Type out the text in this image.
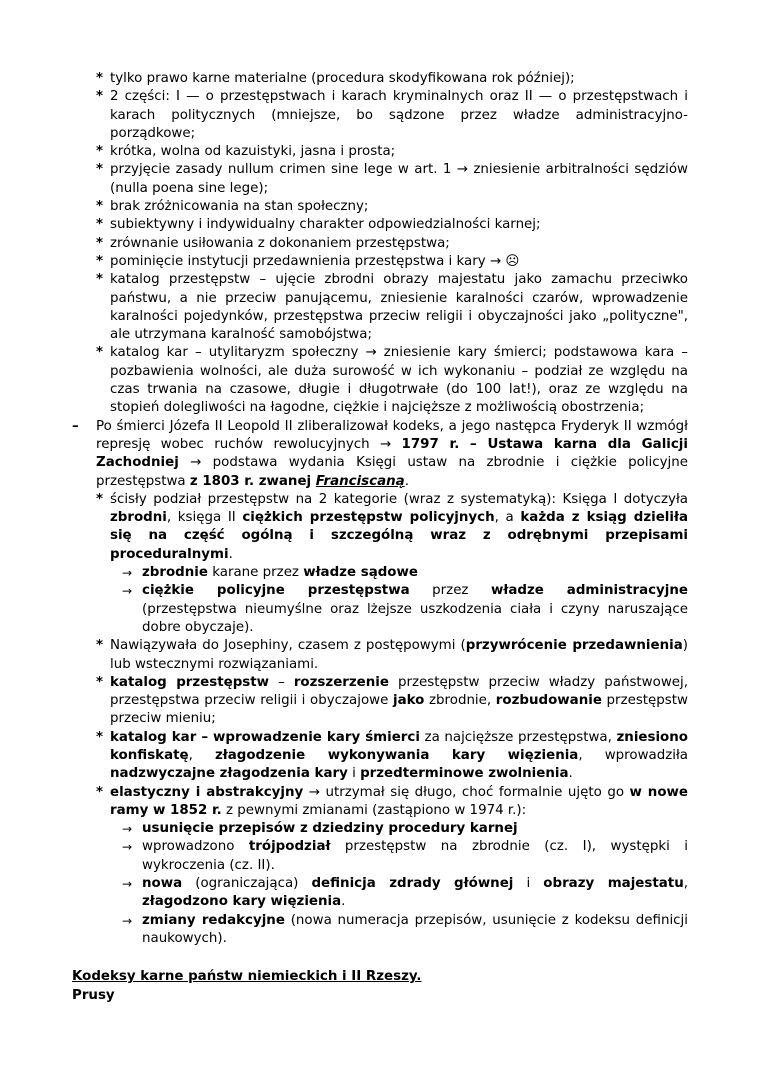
* tylko prawo karne materialne (procedura skodyfikowana rok później);
* 2 części: I — o przestępstwach i karach kryminalnych oraz II — o przestępstwach i karach politycznych (mniejsze, bo sądzone przez władze administracyjno-porządkowe;
* krótka, wolna od kazuistyki, jasna i prosta;
* przyjęcie zasady nullum crimen sine lege w art. 1 → zniesienie arbitralności sędziów (nulla poena sine lege);
* brak zróżnicowania na stan społeczny;
* subiektywny i indywidualny charakter odpowiedzialności karnej;
* zrównanie usiłowania z dokonaniem przestępstwa;
* pominięcie instytucji przedawnienia przestępstwa i kary → ☹
* katalog przestępstw – ujęcie zbrodni obrazy majestatu jako zamachu przeciwko państwu, a nie przeciw panującemu, zniesienie karalności czarów, wprowadzenie karalności pojedynków, przestępstwa przeciw religii i obyczajności jako „polityczne", ale utrzymana karalność samobójstwa;
* katalog kar – utylitaryzm społeczny → zniesienie kary śmierci; podstawowa kara – pozbawienia wolności, ale duża surowość w ich wykonaniu – podział ze względu na czas trwania na czasowe, długie i długotrwałe (do 100 lat!), oraz ze względu na stopień dolegliwości na łagodne, ciężkie i najcięższe z możliwością obostrzenia;
– Po śmierci Józefa II Leopold II zliberalizował kodeks, a jego następca Fryderyk II wzmógł represję wobec ruchów rewolucyjnych → 1797 r. – Ustawa karna dla Galicji Zachodniej → podstawa wydania Księgi ustaw na zbrodnie i ciężkie policyjne przestępstwa z 1803 r. zwanej Franciscaną.
* ścisły podział przestępstw na 2 kategorie (wraz z systematyką): Księga I dotyczyła zbrodni, księga II ciężkich przestępstw policyjnych, a każda z ksiąg dzieliła się na część ogólną i szczególną wraz z odrębnymi przepisami proceduralnymi.
→ zbrodnie karane przez władze sądowe
→ ciężkie policyjne przestępstwa przez władze administracyjne (przestępstwa nieumyślne oraz lżejsze uszkodzenia ciała i czyny naruszające dobre obyczaje).
* Nawiązywała do Josephiny, czasem z postępowymi (przywrócenie przedawnienia) lub wstecznymi rozwiązaniami.
* katalog przestępstw – rozszerzenie przestępstw przeciw władzy państwowej, przestępstwa przeciw religii i obyczajowe jako zbrodnie, rozbudowanie przestępstw przeciw mieniu;
* katalog kar – wprowadzenie kary śmierci za najcięższe przestępstwa, zniesiono konfiskatę, złagodzenie wykonywania kary więzienia, wprowadziła nadzwyczajne złagodzenia kary i przedterminowe zwolnienia.
* elastyczny i abstrakcyjny → utrzymał się długo, choć formalnie ujęto go w nowe ramy w 1852 r. z pewnymi zmianami (zastąpiono w 1974 r.):
→ usunięcie przepisów z dziedziny procedury karnej
→ wprowadzono trójpodział przestępstw na zbrodnie (cz. I), występki i wykroczenia (cz. II).
→ nowa (ograniczająca) definicja zdrady głównej i obrazy majestatu, złagodzono kary więzienia.
→ zmiany redakcyjne (nowa numeracja przepisów, usunięcie z kodeksu definicji naukowych).
Kodeksy karne państw niemieckich i II Rzeszy.
Prusy
